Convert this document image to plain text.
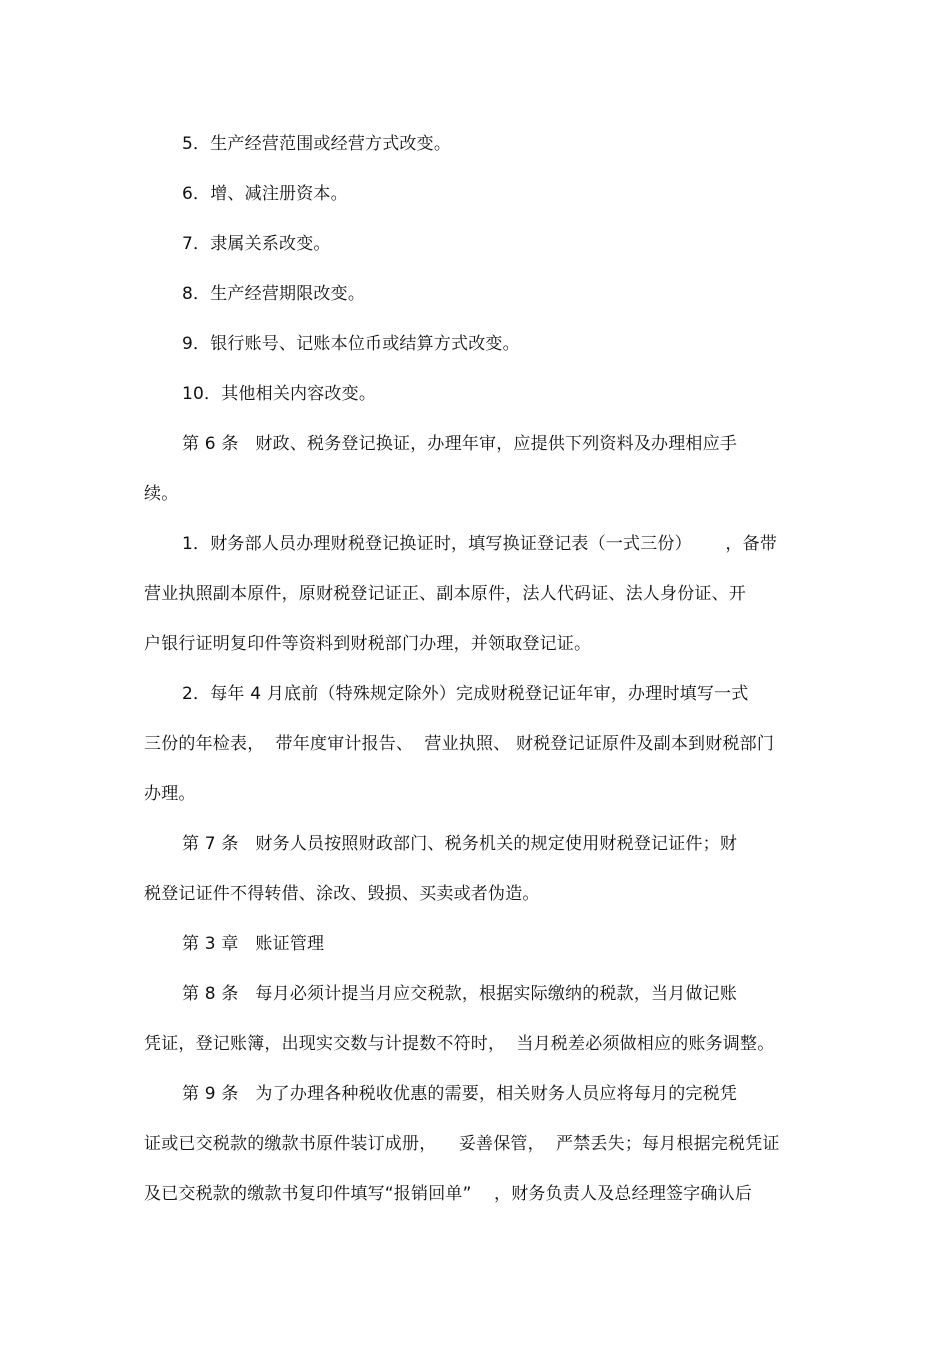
5．生产经营范围或经营方式改变。
6．增、减注册资本。
7．隶属关系改变。
8．生产经营期限改变。
9．银行账号、记账本位币或结算方式改变。
10．其他相关内容改变。
第 6 条   财政、税务登记换证，办理年审，应提供下列资料及办理相应手
续。
1．财务部人员办理财税登记换证时，填写换证登记表（一式三份）      ，备带
营业执照副本原件，原财税登记证正、副本原件，法人代码证、法人身份证、开
户银行证明复印件等资料到财税部门办理，并领取登记证。
2．每年 4 月底前（特殊规定除外）完成财税登记证年审，办理时填写一式
三份的年检表，  带年度审计报告、  营业执照、 财税登记证原件及副本到财税部门
办理。
第 7 条   财务人员按照财政部门、税务机关的规定使用财税登记证件；财
税登记证件不得转借、涂改、毁损、买卖或者伪造。
第 3 章   账证管理
第 8 条   每月必须计提当月应交税款，根据实际缴纳的税款，当月做记账
凭证，登记账簿，出现实交数与计提数不符时，  当月税差必须做相应的账务调整。
第 9 条   为了办理各种税收优惠的需要，相关财务人员应将每月的完税凭
证或已交税款的缴款书原件装订成册，    妥善保管，  严禁丢失；每月根据完税凭证
及已交税款的缴款书复印件填写“报销回单”    ，财务负责人及总经理签字确认后
